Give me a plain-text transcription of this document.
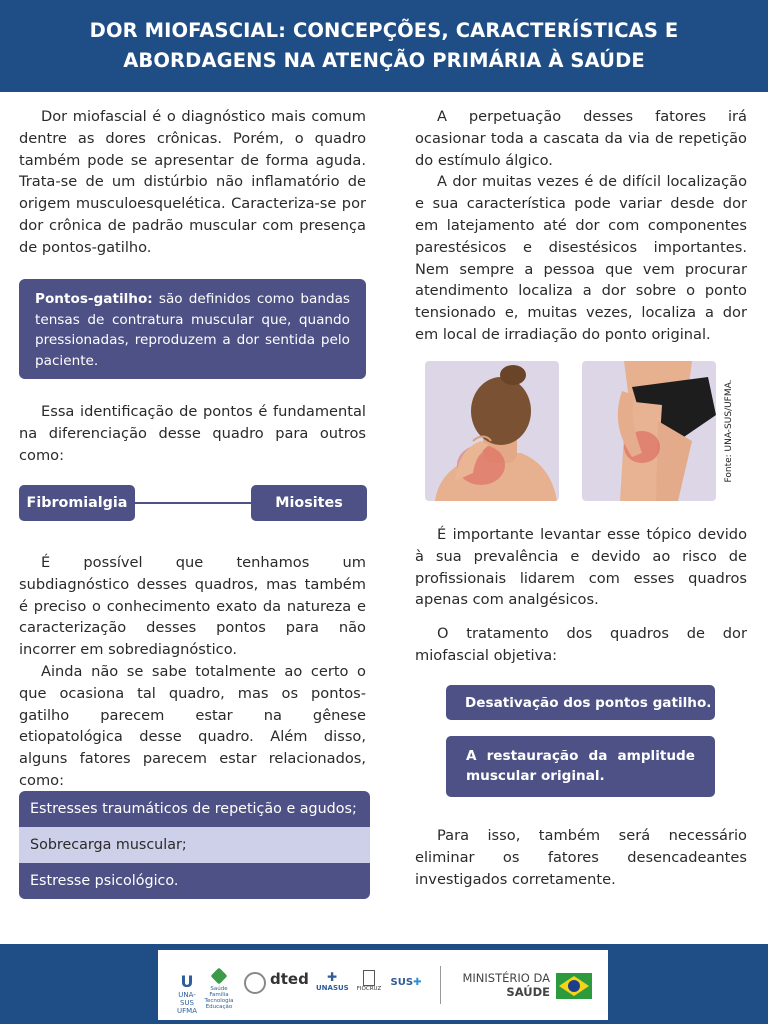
DOR MIOFASCIAL: CONCEPÇÕES, CARACTERÍSTICAS E
ABORDAGENS NA ATENÇÃO PRIMÁRIA À SAÚDE

Dor miofascial é o diagnóstico mais comum dentre as dores crônicas. Porém, o quadro também pode se apresentar de forma aguda. Trata-se de um distúrbio não inflamatório de origem musculoesquelética. Caracteriza-se por dor crônica de padrão muscular com presença de pontos-gatilho.

Pontos-gatilho: são definidos como bandas tensas de contratura muscular que, quando pressionadas, reproduzem a dor sentida pelo paciente.

Essa identificação de pontos é fundamental na diferenciação desse quadro para outros como:

Fibromialgia	Miosites

É possível que tenhamos um subdiagnóstico desses quadros, mas também é preciso o conhecimento exato da natureza e caracterização desses pontos para não incorrer em sobrediagnóstico.

Ainda não se sabe totalmente ao certo o que ocasiona tal quadro, mas os pontos-gatilho parecem estar na gênese etiopatológica desse quadro. Além disso, alguns fatores parecem estar relacionados, como:

Estresses traumáticos de repetição e agudos;
Sobrecarga muscular;
Estresse psicológico.

A perpetuação desses fatores irá ocasionar toda a cascata da via de repetição do estímulo álgico.

A dor muitas vezes é de difícil localização e sua característica pode variar desde dor em latejamento até dor com componentes parestésicos e disestésicos importantes. Nem sempre a pessoa que vem procurar atendimento localiza a dor sobre o ponto tensionado e, muitas vezes, localiza a dor em local de irradiação do ponto original.

Fonte: UNA-SUS/UFMA.

É importante levantar esse tópico devido à sua prevalência e devido ao risco de profissionais lidarem com esses quadros apenas com analgésicos.

O tratamento dos quadros de dor miofascial objetiva:

Desativação dos pontos gatilho.
A restauração da amplitude muscular original.

Para isso, também será necessário eliminar os fatores desencadeantes investigados corretamente.

U
UNA-SUS UFMA
Saúde Família Tecnologia Educação
dted	✚
UNASUS FIOCRUZ
SUS✚	MINISTÉRIO DA
SAÚDE
